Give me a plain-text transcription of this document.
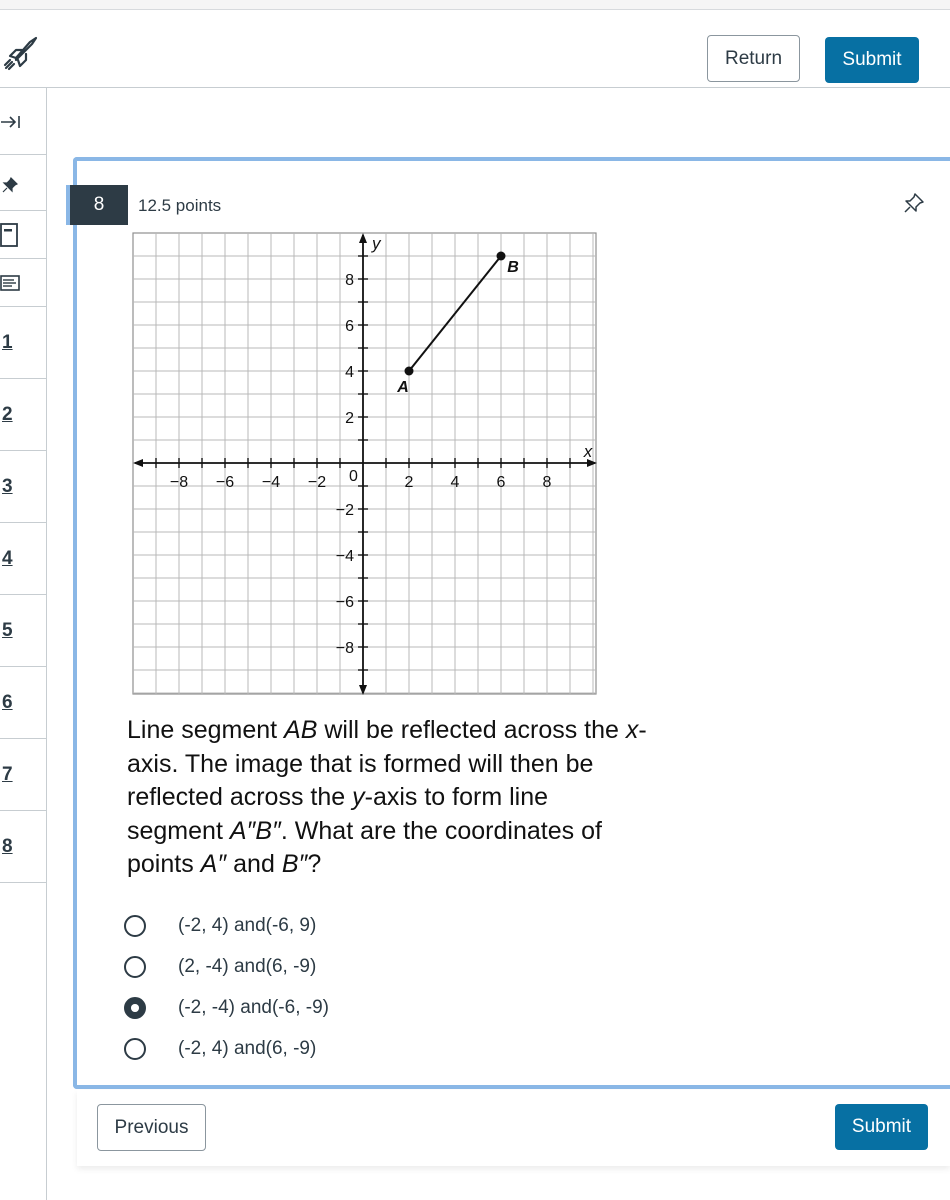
Return	Submit
1
2
3
4
5
6
7
8
8	12.5 points
−8 −6 −4 −2	2 4 6 8
8
6
4
2
−2
−4
−6
−8
x
y
0
A
B
Line segment AB will be reflected across the x-axis. The image that is formed will then be reflected across the y-axis to form line segment A″B″. What are the coordinates of points A″ and B″?
(-2, 4) and(-6, 9)
(2, -4) and(6, -9)
(-2, -4) and(-6, -9)
(-2, 4) and(6, -9)
Previous	Submit
